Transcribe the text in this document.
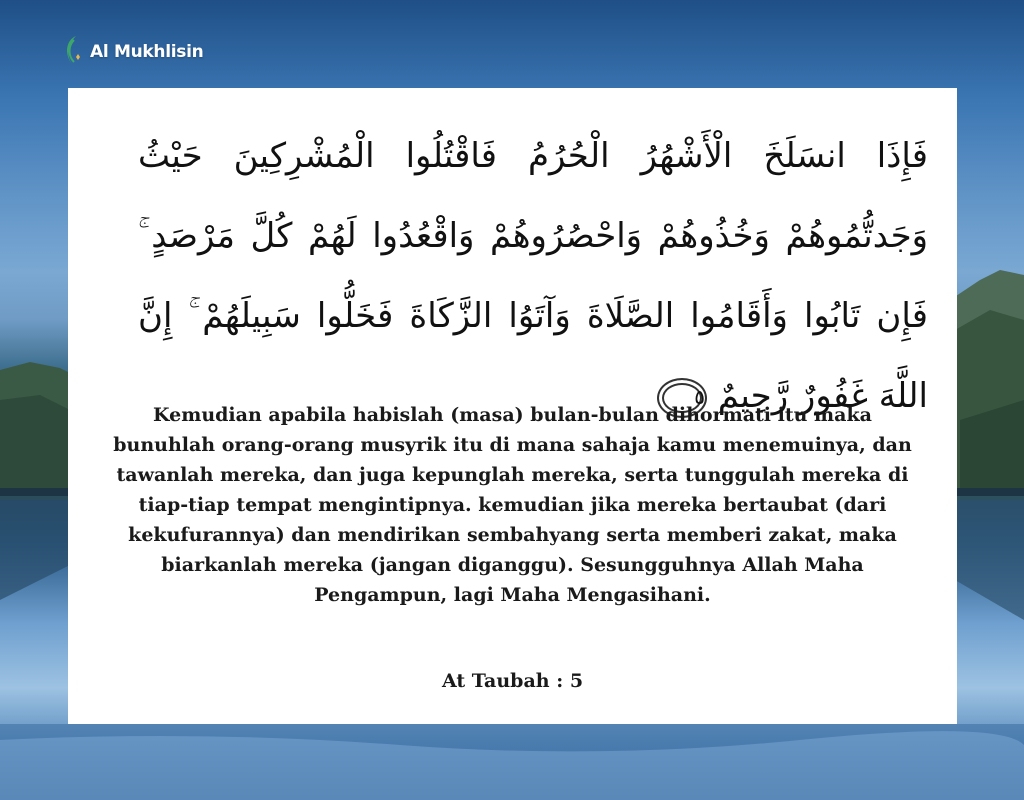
Al Mukhlisin
فَإِذَا انسَلَخَ الْأَشْهُرُ الْحُرُمُ فَاقْتُلُوا الْمُشْرِكِينَ حَيْثُ وَجَدتُّمُوهُمْ وَخُذُوهُمْ وَاحْصُرُوهُمْ وَاقْعُدُوا لَهُمْ كُلَّ مَرْصَدٍ ۚ فَإِن تَابُوا وَأَقَامُوا الصَّلَاةَ وَآتَوُا الزَّكَاةَ فَخَلُّوا سَبِيلَهُمْ ۚ إِنَّ اللَّهَ غَفُورٌ رَّحِيمٌ ٥

Kemudian apabila habislah (masa) bulan-bulan dihormati itu maka bunuhlah orang-orang musyrik itu di mana sahaja kamu menemuinya, dan tawanlah mereka, dan juga kepunglah mereka, serta tunggulah mereka di tiap-tiap tempat mengintipnya. kemudian jika mereka bertaubat (dari kekufurannya) dan mendirikan sembahyang serta memberi zakat, maka biarkanlah mereka (jangan diganggu). Sesungguhnya Allah Maha Pengampun, lagi Maha Mengasihani.

At Taubah : 5
